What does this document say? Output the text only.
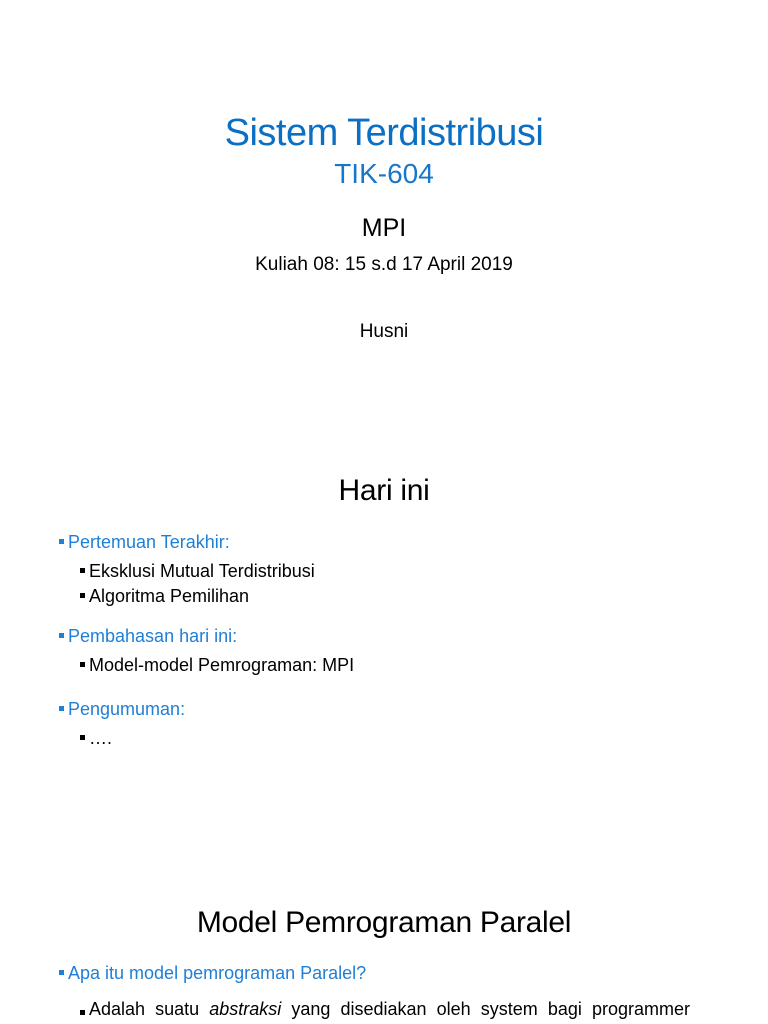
Sistem Terdistribusi
TIK-604
MPI
Kuliah 08: 15 s.d 17 April 2019
Husni
Hari ini
Pertemuan Terakhir:
Eksklusi Mutual Terdistribusi
Algoritma Pemilihan
Pembahasan hari ini:
Model-model Pemrograman: MPI
Pengumuman:
….
Model Pemrograman Paralel
Apa itu model pemrograman Paralel?
Adalah suatu abstraksi yang disediakan oleh system bagi programmer
